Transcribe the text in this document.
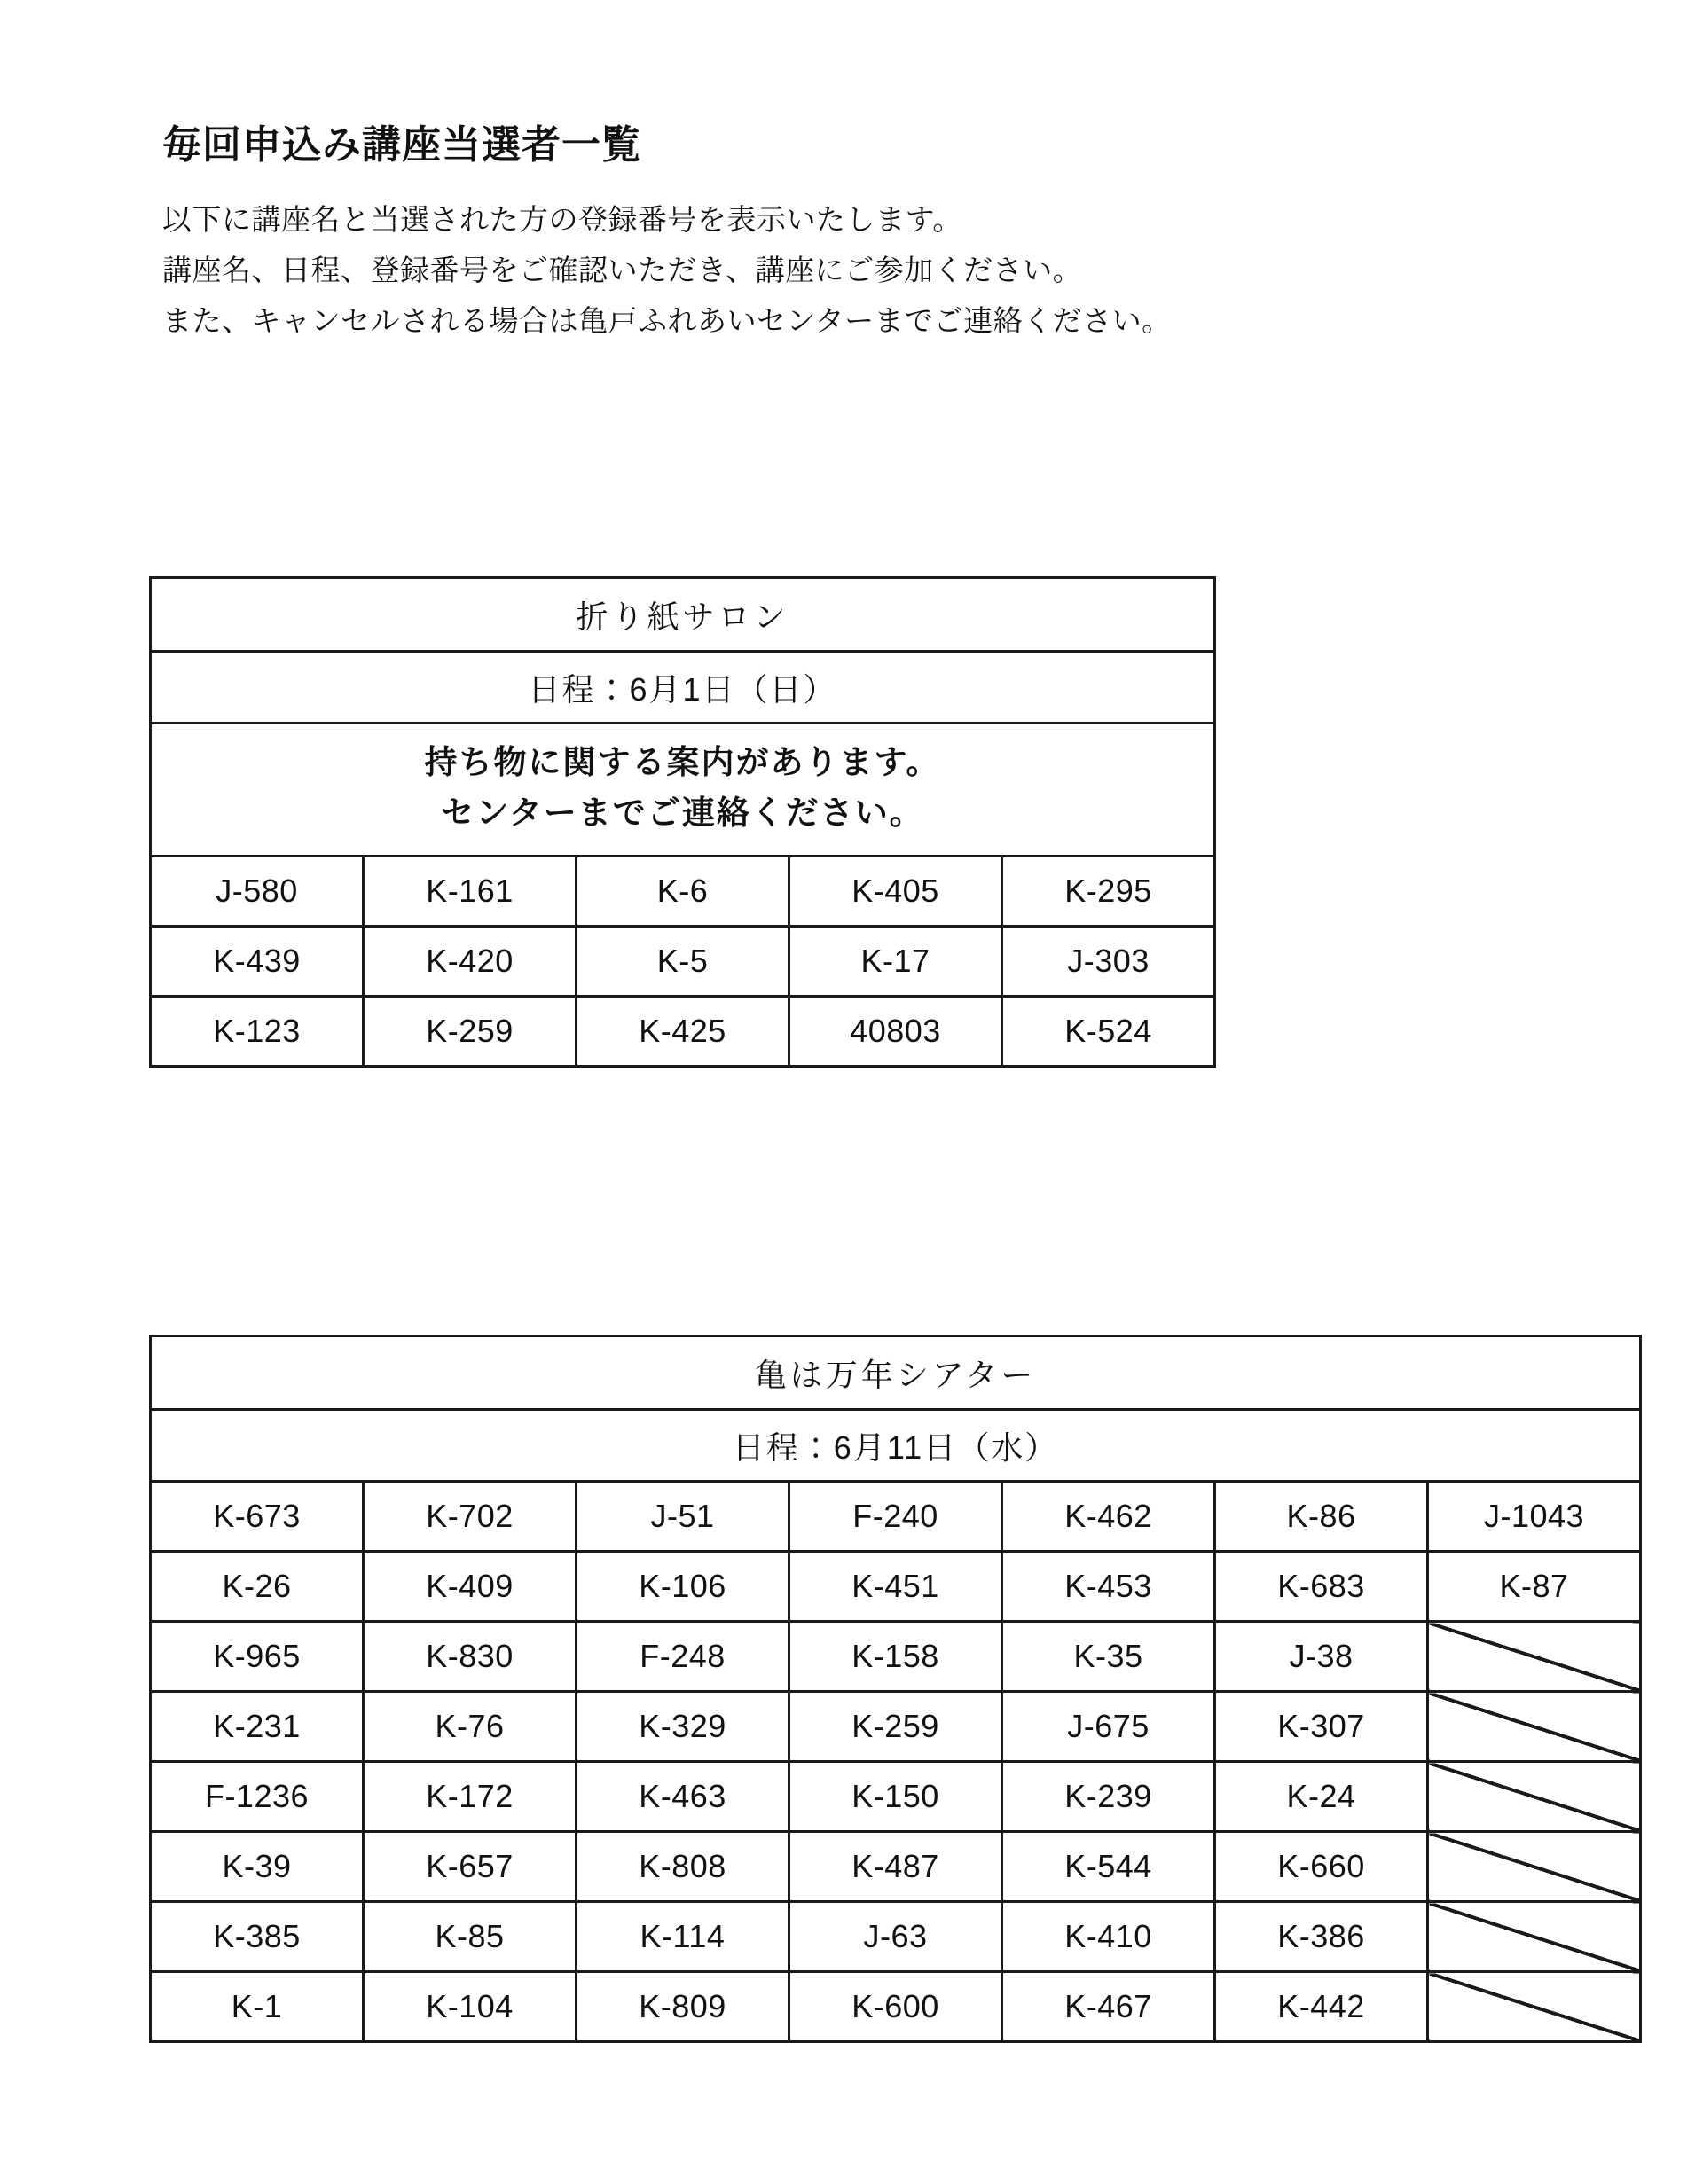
毎回申込み講座当選者一覧
以下に講座名と当選された方の登録番号を表示いたします。
講座名、日程、登録番号をご確認いただき、講座にご参加ください。
また、キャンセルされる場合は亀戸ふれあいセンターまでご連絡ください。
折り紙サロン				
日程：6月1日（日）				

持ち物に関する案内があります。
センターまでご連絡ください。				

J-580	K-161	K-6	K-405	K-295
K-439	K-420	K-5	K-17	J-303
K-123	K-259	K-425	40803	K-524
亀は万年シアター						
日程：6月11日（水）						
K-673	K-702	J-51	F-240	K-462	K-86	J-1043
K-26	K-409	K-106	K-451	K-453	K-683	K-87
K-965	K-830	F-248	K-158	K-35	J-38	
K-231	K-76	K-329	K-259	J-675	K-307	
F-1236	K-172	K-463	K-150	K-239	K-24	
K-39	K-657	K-808	K-487	K-544	K-660	
K-385	K-85	K-114	J-63	K-410	K-386	
K-1	K-104	K-809	K-600	K-467	K-442	
